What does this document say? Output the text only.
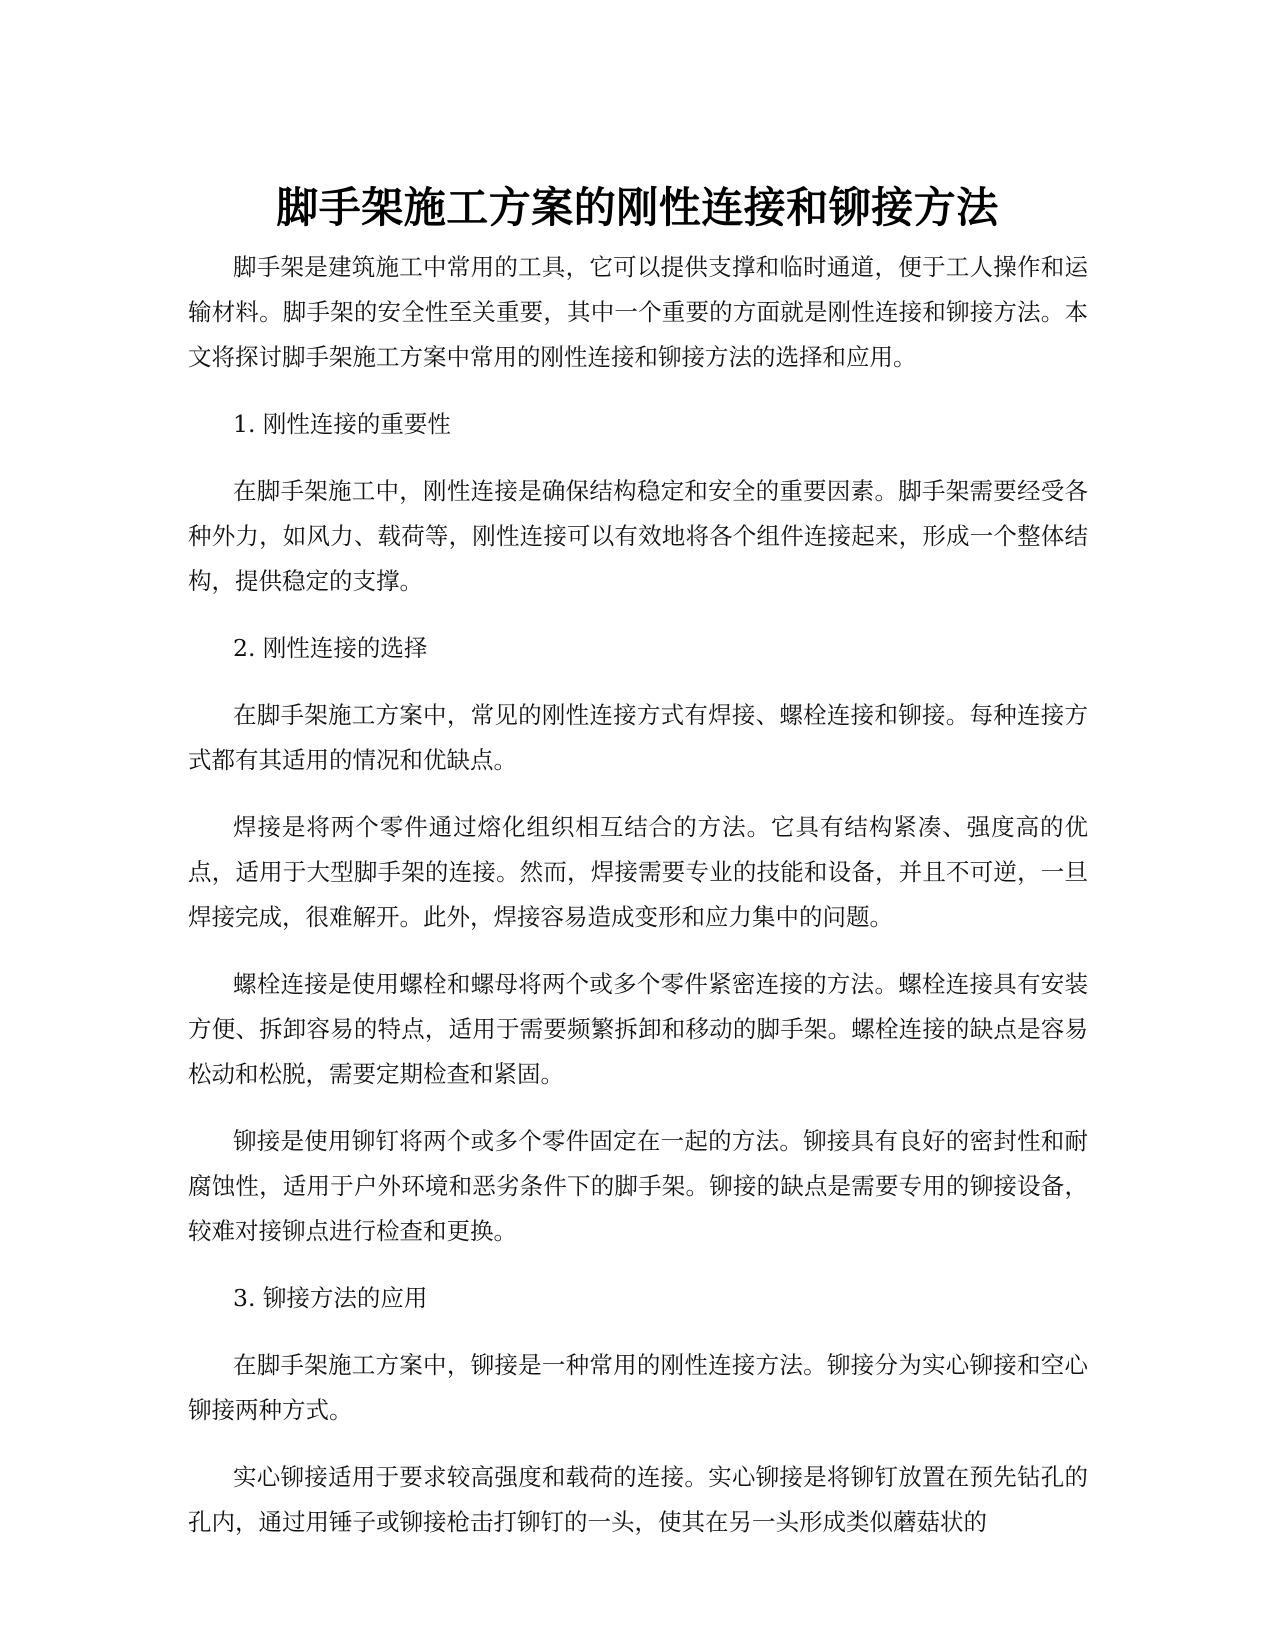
脚手架施工方案的刚性连接和铆接方法

脚手架是建筑施工中常用的工具，它可以提供支撑和临时通道，便于工人操作和运输材料。脚手架的安全性至关重要，其中一个重要的方面就是刚性连接和铆接方法。本文将探讨脚手架施工方案中常用的刚性连接和铆接方法的选择和应用。

1. 刚性连接的重要性

在脚手架施工中，刚性连接是确保结构稳定和安全的重要因素。脚手架需要经受各种外力，如风力、载荷等，刚性连接可以有效地将各个组件连接起来，形成一个整体结构，提供稳定的支撑。

2. 刚性连接的选择

在脚手架施工方案中，常见的刚性连接方式有焊接、螺栓连接和铆接。每种连接方式都有其适用的情况和优缺点。

焊接是将两个零件通过熔化组织相互结合的方法。它具有结构紧凑、强度高的优点，适用于大型脚手架的连接。然而，焊接需要专业的技能和设备，并且不可逆，一旦焊接完成，很难解开。此外，焊接容易造成变形和应力集中的问题。

螺栓连接是使用螺栓和螺母将两个或多个零件紧密连接的方法。螺栓连接具有安装方便、拆卸容易的特点，适用于需要频繁拆卸和移动的脚手架。螺栓连接的缺点是容易松动和松脱，需要定期检查和紧固。

铆接是使用铆钉将两个或多个零件固定在一起的方法。铆接具有良好的密封性和耐腐蚀性，适用于户外环境和恶劣条件下的脚手架。铆接的缺点是需要专用的铆接设备，较难对接铆点进行检查和更换。

3. 铆接方法的应用

在脚手架施工方案中，铆接是一种常用的刚性连接方法。铆接分为实心铆接和空心铆接两种方式。

实心铆接适用于要求较高强度和载荷的连接。实心铆接是将铆钉放置在预先钻孔的孔内，通过用锤子或铆接枪击打铆钉的一头，使其在另一头形成类似蘑菇状的
